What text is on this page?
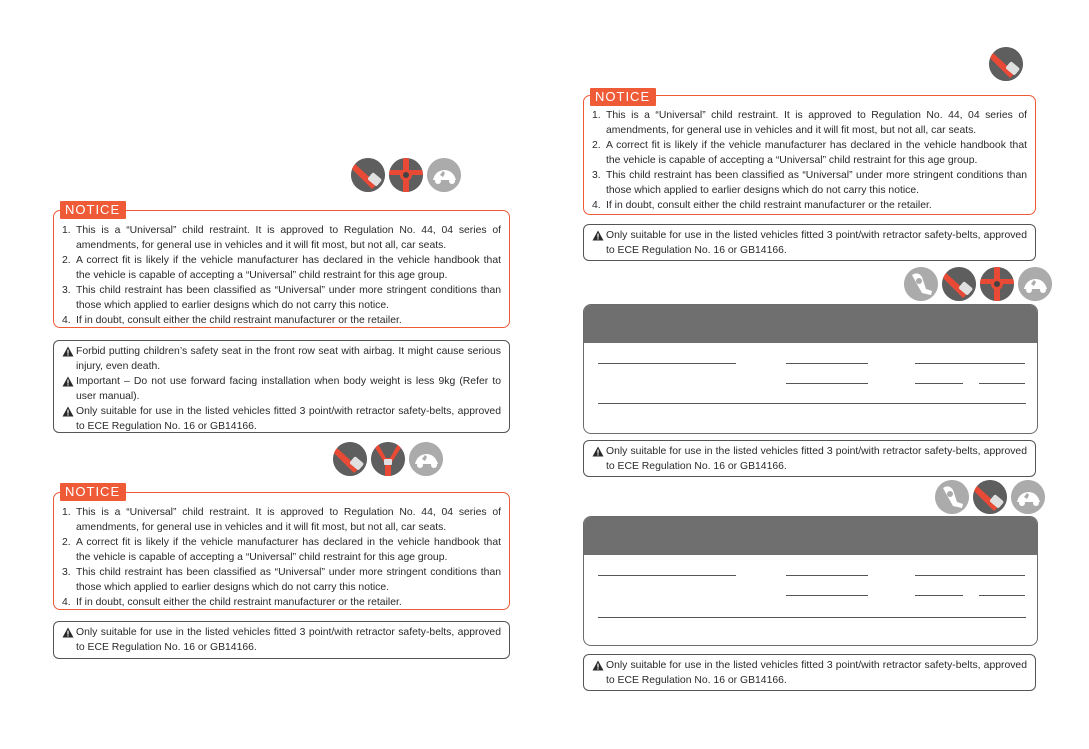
NOTICE
1. This is a “Universal” child restraint. It is approved to Regulation No. 44, 04 series of amendments, for general use in vehicles and it will fit most, but not all, car seats.
2. A correct fit is likely if the vehicle manufacturer has declared in the vehicle handbook that the vehicle is capable of accepting a “Universal” child restraint for this age group.
3. This child restraint has been classified as “Universal” under more stringent conditions than those which applied to earlier designs which do not carry this notice.
4. If in doubt, consult either the child restraint manufacturer or the retailer.
Forbid putting children’s safety seat in the front row seat with airbag. It might cause serious injury, even death.
Important – Do not use forward facing installation when body weight is less 9kg (Refer to user manual).
Only suitable for use in the listed vehicles fitted 3 point/with retractor safety-belts, approved to ECE Regulation No. 16 or GB14166.
NOTICE
1. This is a “Universal” child restraint. It is approved to Regulation No. 44, 04 series of amendments, for general use in vehicles and it will fit most, but not all, car seats.
2. A correct fit is likely if the vehicle manufacturer has declared in the vehicle handbook that the vehicle is capable of accepting a “Universal” child restraint for this age group.
3. This child restraint has been classified as “Universal” under more stringent conditions than those which applied to earlier designs which do not carry this notice.
4. If in doubt, consult either the child restraint manufacturer or the retailer.
Only suitable for use in the listed vehicles fitted 3 point/with retractor safety-belts, approved to ECE Regulation No. 16 or GB14166.
NOTICE
1. This is a “Universal” child restraint. It is approved to Regulation No. 44, 04 series of amendments, for general use in vehicles and it will fit most, but not all, car seats.
2. A correct fit is likely if the vehicle manufacturer has declared in the vehicle handbook that the vehicle is capable of accepting a “Universal” child restraint for this age group.
3. This child restraint has been classified as “Universal” under more stringent conditions than those which applied to earlier designs which do not carry this notice.
4. If in doubt, consult either the child restraint manufacturer or the retailer.
Only suitable for use in the listed vehicles fitted 3 point/with retractor safety-belts, approved to ECE Regulation No. 16 or GB14166.
Only suitable for use in the listed vehicles fitted 3 point/with retractor safety-belts, approved to ECE Regulation No. 16 or GB14166.
Only suitable for use in the listed vehicles fitted 3 point/with retractor safety-belts, approved to ECE Regulation No. 16 or GB14166.
